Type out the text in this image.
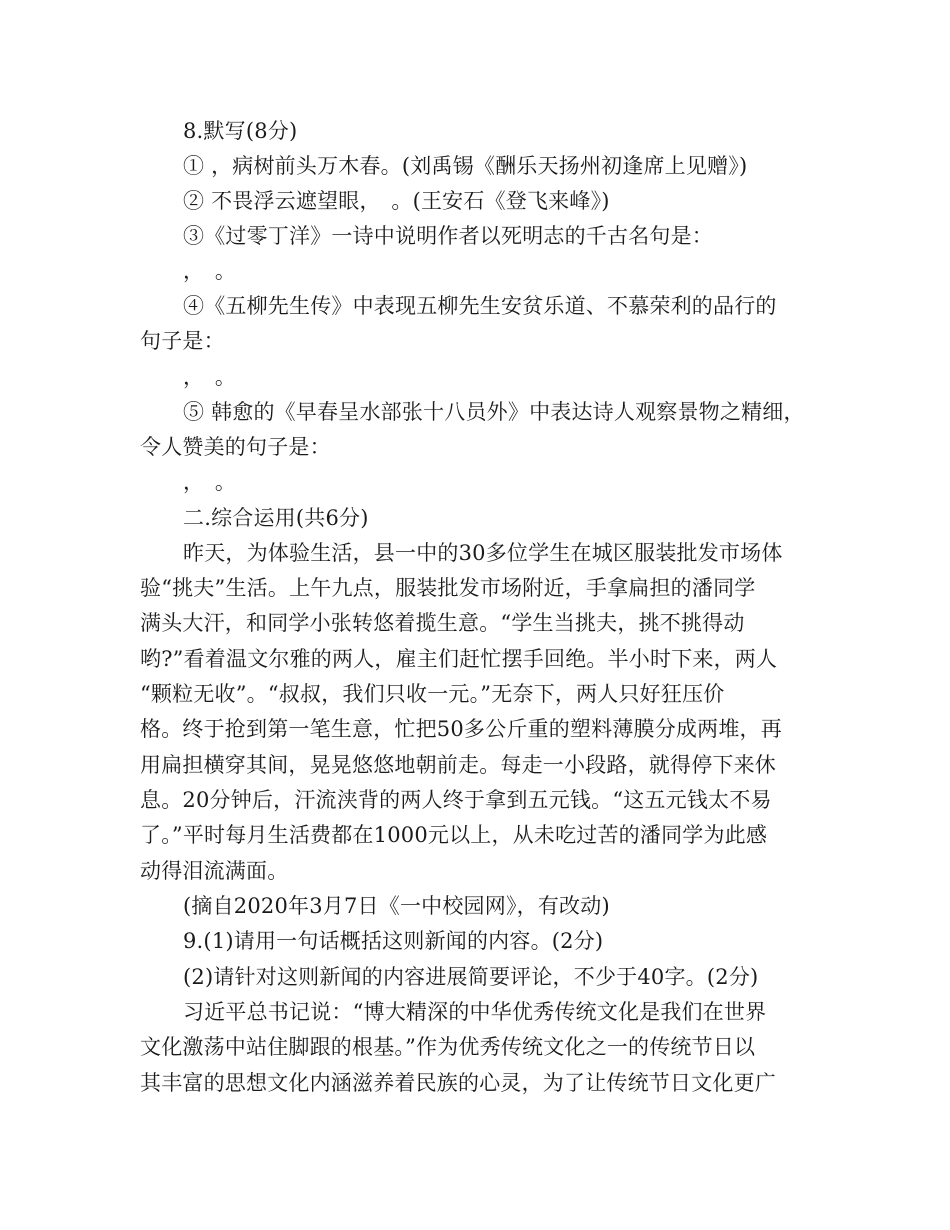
8.默写(8分)
① ，病树前头万木春。(刘禹锡《酬乐天扬州初逢席上见赠》)
② 不畏浮云遮望眼，　。(王安石《登飞来峰》)
③《过零丁洋》一诗中说明作者以死明志的千古名句是：
，　。
④《五柳先生传》中表现五柳先生安贫乐道、不慕荣利的品行的
句子是：
，　。
⑤ 韩愈的《早春呈水部张十八员外》中表达诗人观察景物之精细，
令人赞美的句子是：
，　。
二.综合运用(共6分)
昨天，为体验生活，县一中的30多位学生在城区服装批发市场体
验“挑夫”生活。上午九点，服装批发市场附近，手拿扁担的潘同学
满头大汗，和同学小张转悠着揽生意。“学生当挑夫，挑不挑得动
哟?”看着温文尔雅的两人，雇主们赶忙摆手回绝。半小时下来，两人
“颗粒无收”。“叔叔，我们只收一元。”无奈下，两人只好狂压价
格。终于抢到第一笔生意，忙把50多公斤重的塑料薄膜分成两堆，再
用扁担横穿其间，晃晃悠悠地朝前走。每走一小段路，就得停下来休
息。20分钟后，汗流浃背的两人终于拿到五元钱。“这五元钱太不易
了。”平时每月生活费都在1000元以上，从未吃过苦的潘同学为此感
动得泪流满面。
(摘自2020年3月7日《一中校园网》，有改动)
9.(1)请用一句话概括这则新闻的内容。(2分)
(2)请针对这则新闻的内容进展简要评论，不少于40字。(2分)
习近平总书记说：“博大精深的中华优秀传统文化是我们在世界
文化激荡中站住脚跟的根基。”作为优秀传统文化之一的传统节日以
其丰富的思想文化内涵滋养着民族的心灵，为了让传统节日文化更广
